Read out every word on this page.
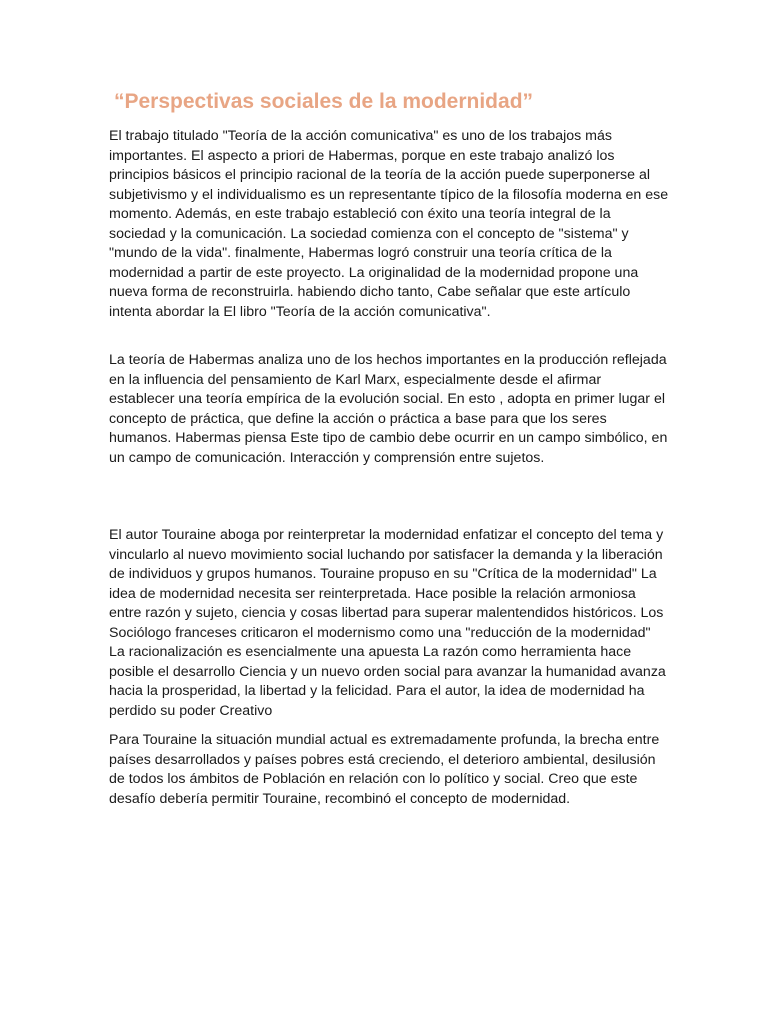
“Perspectivas sociales de la modernidad”

El trabajo titulado "Teoría de la acción comunicativa" es uno de los trabajos más importantes. El aspecto a priori de Habermas, porque en este trabajo analizó los principios básicos el principio racional de la teoría de la acción puede superponerse al subjetivismo y el individualismo es un representante típico de la filosofía moderna en ese momento. Además, en este trabajo estableció con éxito una teoría integral de la sociedad y la comunicación. La sociedad comienza con el concepto de "sistema" y "mundo de la vida". finalmente, Habermas logró construir una teoría crítica de la modernidad a partir de este proyecto. La originalidad de la modernidad propone una nueva forma de reconstruirla. habiendo dicho tanto, Cabe señalar que este artículo intenta abordar la El libro "Teoría de la acción comunicativa".

La teoría de Habermas analiza uno de los hechos importantes en la producción reflejada en la influencia del pensamiento de Karl Marx, especialmente desde el afirmar establecer una teoría empírica de la evolución social. En esto , adopta en primer lugar el concepto de práctica, que define la acción o práctica a base para que los seres humanos. Habermas piensa Este tipo de cambio debe ocurrir en un campo simbólico, en un campo de comunicación. Interacción y comprensión entre sujetos.

El autor Touraine aboga por reinterpretar la modernidad enfatizar el concepto del tema y vincularlo al nuevo movimiento social luchando por satisfacer la demanda y la liberación de individuos y grupos humanos. Touraine propuso en su "Crítica de la modernidad" La idea de modernidad necesita ser reinterpretada. Hace posible la relación armoniosa entre razón y sujeto, ciencia y cosas libertad para superar malentendidos históricos. Los Sociólogo franceses criticaron el modernismo como una "reducción de la modernidad" La racionalización es esencialmente una apuesta La razón como herramienta hace posible el desarrollo Ciencia y un nuevo orden social para avanzar la humanidad avanza hacia la prosperidad, la libertad y la felicidad. Para el autor, la idea de modernidad ha perdido su poder Creativo

Para Touraine la situación mundial actual es extremadamente profunda, la brecha entre países desarrollados y países pobres está creciendo, el deterioro ambiental, desilusión de todos los ámbitos de Población en relación con lo político y social. Creo que este desafío debería permitir Touraine, recombinó el concepto de modernidad.
